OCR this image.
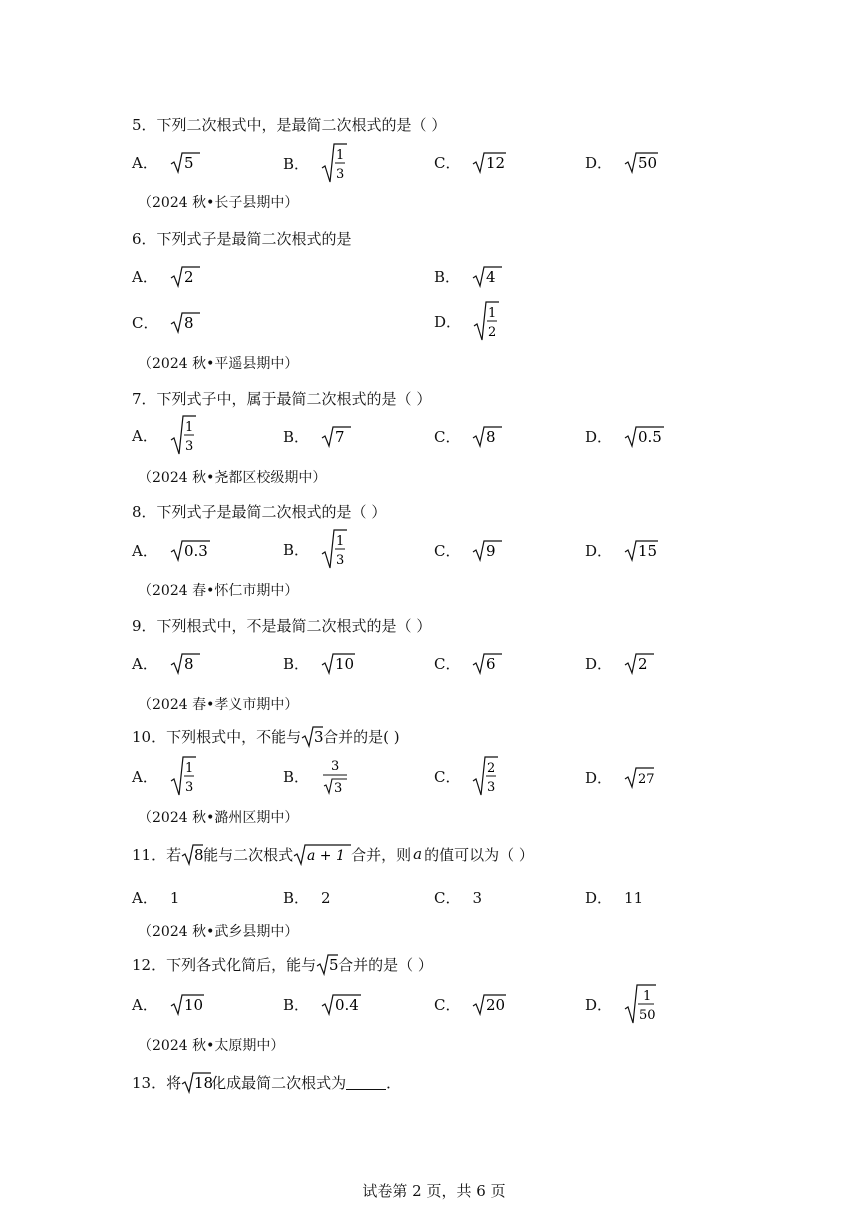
5．下列二次根式中，是最简二次根式的是（ ）
A． 5	B． 1
3
C． 12	D． 50
（2024 秋•长子县期中）
6．下列式子是最简二次根式的是
A． 2	B． 4
C． 8	D． 1
2
（2024 秋•平遥县期中）
7．下列式子中，属于最简二次根式的是（ ）
A． 1
3
B． 7	C． 8	D． 0.5
（2024 秋•尧都区校级期中）
8．下列式子是最简二次根式的是（ ）
A． 0.3	B． 1
3
C． 9	D． 15
（2024 春•怀仁市期中）
9．下列根式中，不是最简二次根式的是（ ）
A． 8	B． 10	C． 6	D． 2
（2024 春•孝义市期中）
10．下列根式中，不能与 3 合并的是( )
A． 1
3
B．
3
3
C． 2
3
D． 27
（2024 秋•潞州区期中）
11．若 8 能与二次根式 a + 1 合并，则 a 的值可以为（ ）
A． 1	B． 2	C． 3	D． 11
（2024 秋•武乡县期中）
12．下列各式化简后，能与 5 合并的是（ ）
A． 10	B． 0.4	C． 20	D． 1
50
（2024 秋•太原期中）
13．将 18
化成最简二次根式为	．
试卷第 2 页，共 6 页
